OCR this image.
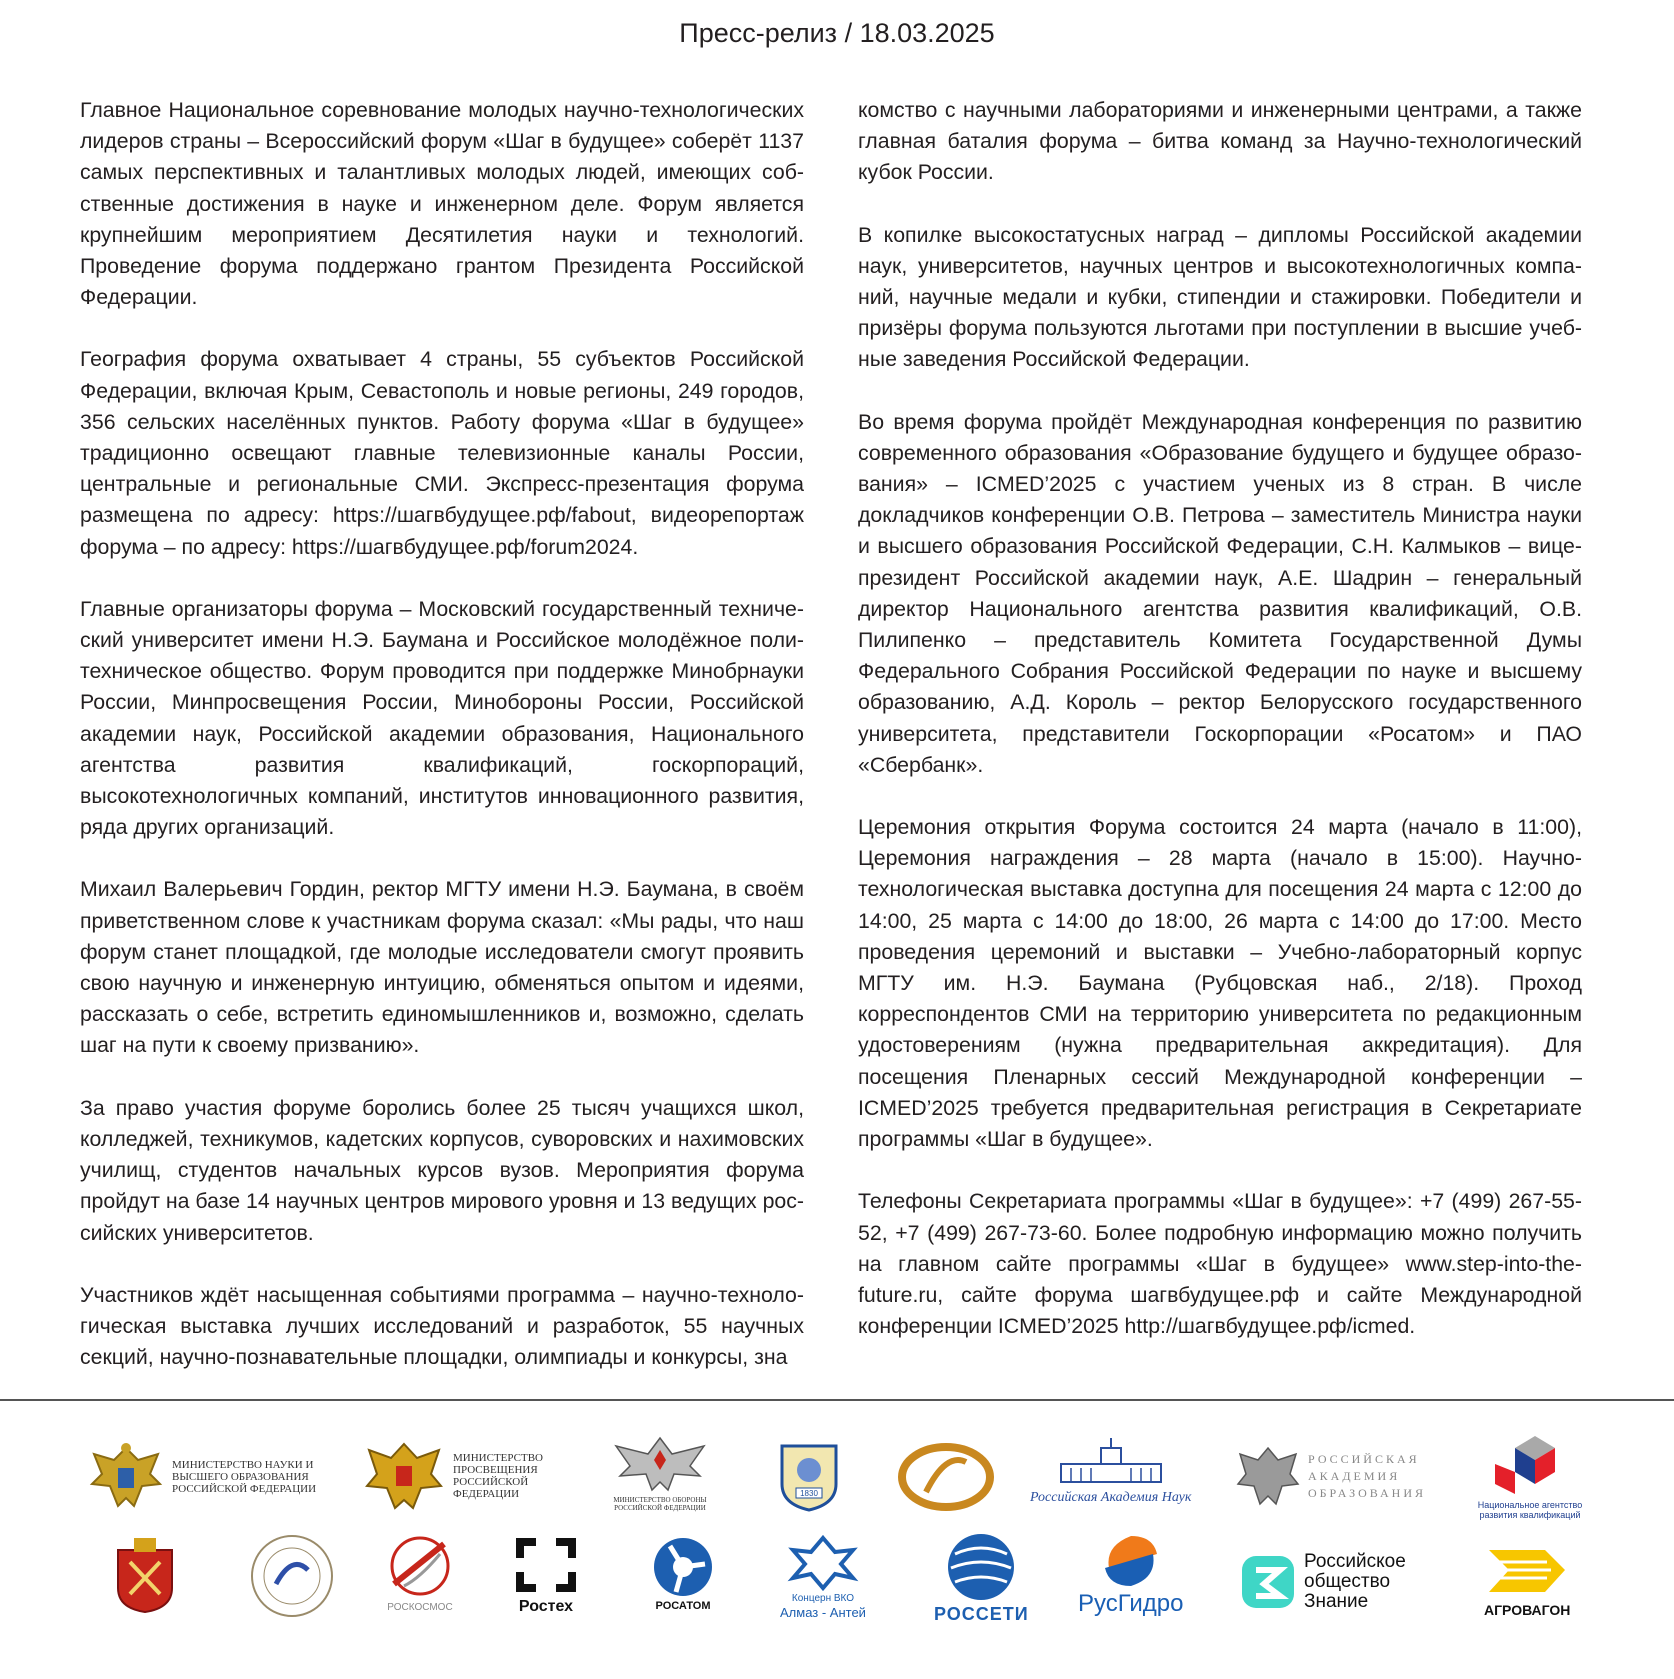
Пресс-релиз / 18.03.2025

Главное Национальное соревнование молодых научно-технологических лидеров страны – Всероссийский форум «Шаг в будущее» соберёт 1137 самых перспективных и талантливых молодых людей, имеющих собственные достижения в науке и инженерном деле. Форум является крупнейшим мероприятием Десятилетия науки и технологий. Проведение форума поддержано грантом Президента Российской Федерации.

География форума охватывает 4 страны, 55 субъектов Российской Федерации, включая Крым, Севастополь и новые регионы, 249 городов, 356 сельских населённых пунктов. Работу форума «Шаг в будущее» традиционно освещают главные телевизионные каналы России, центральные и региональные СМИ. Экспресс-презентация форума размещена по адресу: https://шагвбудущее.рф/fabout, видеорепортаж форума – по адресу: https://шагвбудущее.рф/forum2024.

Главные организаторы форума – Московский государственный технический университет имени Н.Э. Баумана и Российское молодёжное политехническое общество. Форум проводится при поддержке Минобрнауки России, Минпросвещения России, Минобороны России, Российской академии наук, Российской академии образования, Национального агентства развития квалификаций, госкорпораций, высокотехнологичных компаний, институтов инновационного развития, ряда других организаций.

Михаил Валерьевич Гордин, ректор МГТУ имени Н.Э. Баумана, в своём приветственном слове к участникам форума сказал: «Мы рады, что наш форум станет площадкой, где молодые исследователи смогут проявить свою научную и инженерную интуицию, обменяться опытом и идеями, рассказать о себе, встретить единомышленников и, возможно, сделать шаг на пути к своему призванию».

За право участия форуме боролись более 25 тысяч учащихся школ, колледжей, техникумов, кадетских корпусов, суворовских и нахимовских училищ, студентов начальных курсов вузов. Мероприятия форума пройдут на базе 14 научных центров мирового уровня и 13 ведущих российских университетов.

Участников ждёт насыщенная событиями программа – научно-технологическая выставка лучших исследований и разработок, 55 научных секций, научно-познавательные площадки, олимпиады и конкурсы, зна

комство с научными лабораториями и инженерными центрами, а также главная баталия форума – битва команд за Научно-технологический кубок России.

В копилке высокостатусных наград – дипломы Российской академии наук, университетов, научных центров и высокотехнологичных компаний, научные медали и кубки, стипендии и стажировки. Победители и призёры форума пользуются льготами при поступлении в высшие учебные заведения Российской Федерации.

Во время форума пройдёт Международная конференция по развитию современного образования «Образование будущего и будущее образования» – ICMED’2025 с участием ученых из 8 стран. В числе докладчиков конференции О.В. Петрова – заместитель Министра науки и высшего образования Российской Федерации, С.Н. Калмыков – вице-президент Российской академии наук, А.Е. Шадрин – генеральный директор Национального агентства развития квалификаций, О.В. Пилипенко – представитель Комитета Государственной Думы Федерального Собрания Российской Федерации по науке и высшему образованию, А.Д. Король – ректор Белорусского государственного университета, представители Госкорпорации «Росатом» и ПАО «Сбербанк».

Церемония открытия Форума состоится 24 марта (начало в 11:00), Церемония награждения – 28 марта (начало в 15:00). Научно-технологическая выставка доступна для посещения 24 марта с 12:00 до 14:00, 25 марта с 14:00 до 18:00, 26 марта с 14:00 до 17:00. Место проведения церемоний и выставки – Учебно-лабораторный корпус МГТУ им. Н.Э. Баумана (Рубцовская наб., 2/18). Проход корреспондентов СМИ на территорию университета по редакционным удостоверениям (нужна предварительная аккредитация). Для посещения Пленарных сессий Международной конференции – ICMED’2025 требуется предварительная регистрация в Секретариате программы «Шаг в будущее».

Телефоны Секретариата программы «Шаг в будущее»: +7 (499) 267-55-52, +7 (499) 267-73-60. Более подробную информацию можно получить на главном сайте программы «Шаг в будущее» www.step-into-the-future.ru, сайте форума шагвбудущее.рф и сайте Международной конференции ICMED’2025 http://шагвбудущее.рф/icmed.

МИНИСТЕРСТВО НАУКИ И ВЫСШЕГО ОБРАЗОВАНИЯ РОССИЙСКОЙ ФЕДЕРАЦИИ
МИНИСТЕРСТВО ПРОСВЕЩЕНИЯ РОССИЙСКОЙ ФЕДЕРАЦИИ	МИНИСТЕРСТВО ОБОРОНЫ РОССИЙСКОЙ ФЕДЕРАЦИИ
1830	Российская Академия Наук
РОССИЙСКАЯ АКАДЕМИЯ ОБРАЗОВАНИЯ
Национальное агентство развития квалификаций
РОСКОСМОС	Ростех	РОСАТОМ
Концерн ВКО
Алмаз - Антей	РОССЕТИ РусГидро
Российское общество Знание	АГРОВАГОН
